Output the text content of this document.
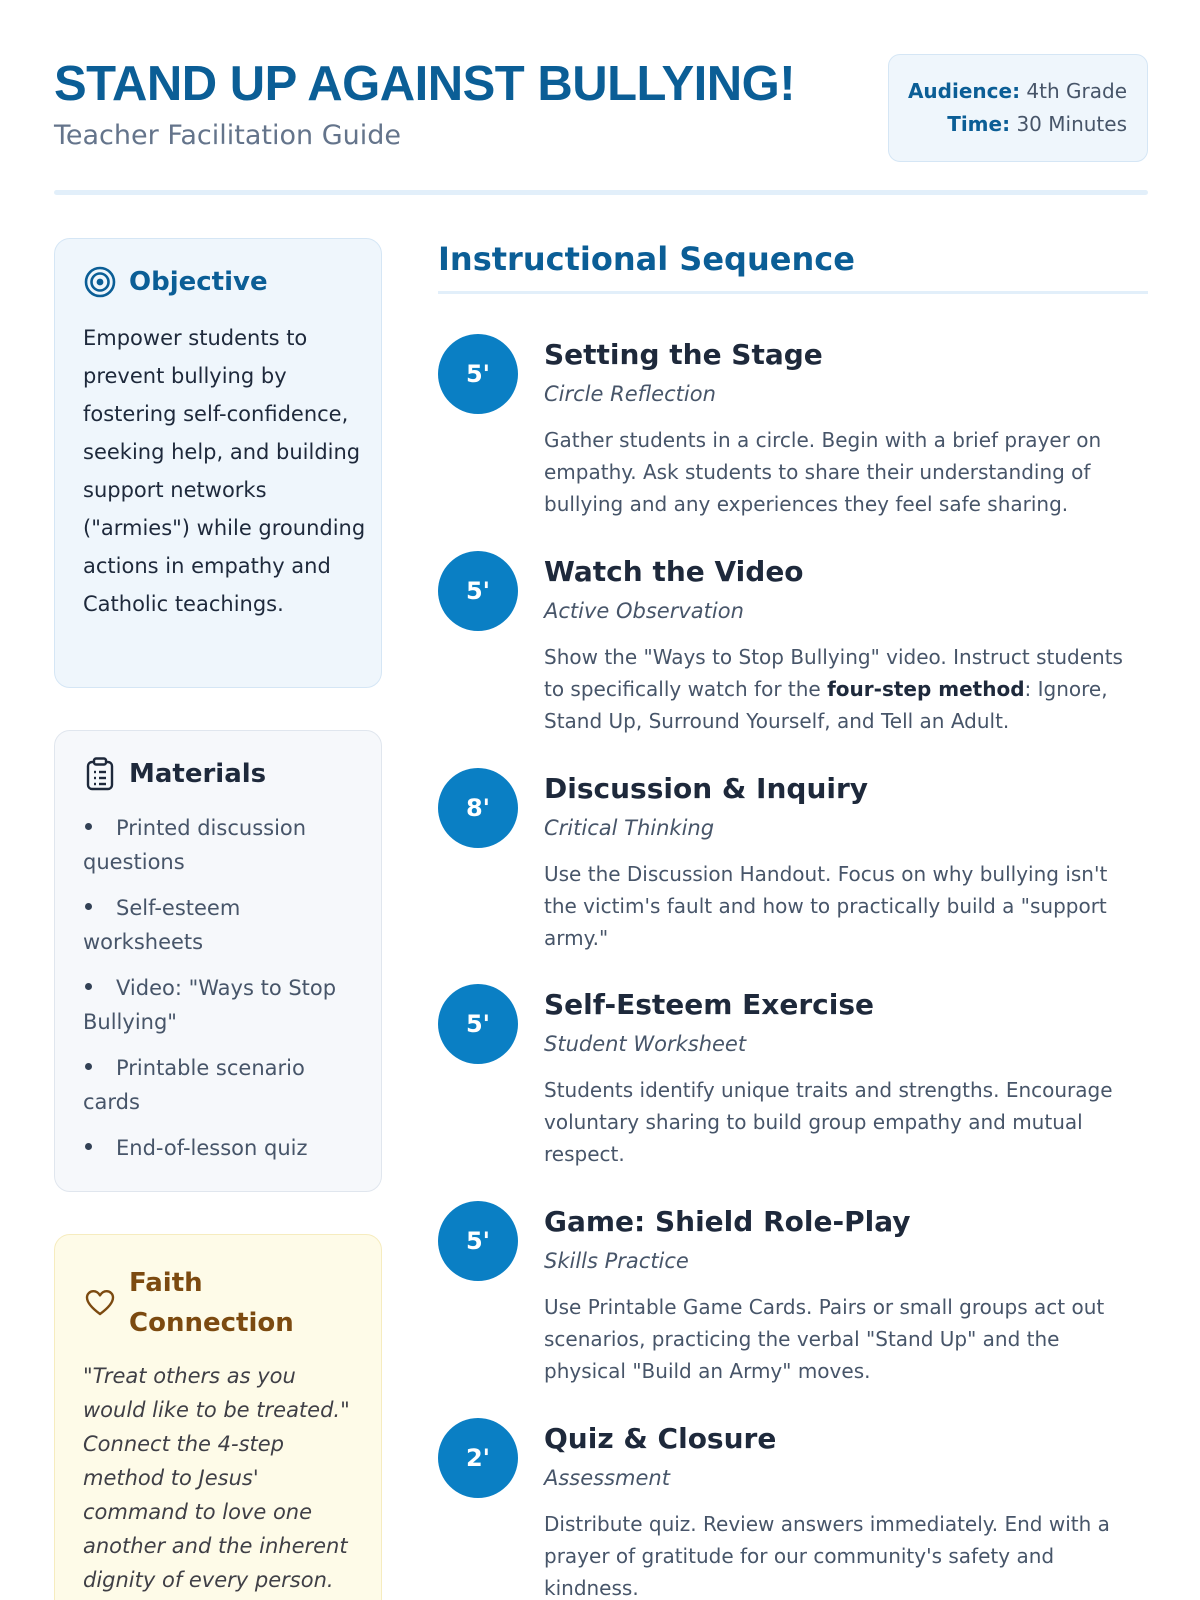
STAND UP AGAINST BULLYING!
Teacher Facilitation Guide
Audience: 4th Grade
Time: 30 Minutes
Objective

Empower students to prevent bullying by fostering self-confidence, seeking help, and building support networks ("armies") while grounding actions in empathy and Catholic teachings.

Materials
Printed discussion questions
Self-esteem worksheets
Video: "Ways to Stop Bullying"
Printable scenario cards
End-of-lesson quiz
Faith Connection

"Treat others as you would like to be treated." Connect the 4-step method to Jesus' command to love one another and the inherent dignity of every person.

Instructional Sequence
5'
Setting the Stage
Circle Reflection

Gather students in a circle. Begin with a brief prayer on empathy. Ask students to share their understanding of bullying and any experiences they feel safe sharing.

5'
Watch the Video
Active Observation

Show the "Ways to Stop Bullying" video. Instruct students to specifically watch for the four-step method: Ignore, Stand Up, Surround Yourself, and Tell an Adult.

8'
Discussion & Inquiry
Critical Thinking

Use the Discussion Handout. Focus on why bullying isn't the victim's fault and how to practically build a "support army."

5'
Self-Esteem Exercise
Student Worksheet

Students identify unique traits and strengths. Encourage voluntary sharing to build group empathy and mutual respect.

5'
Game: Shield Role-Play
Skills Practice

Use Printable Game Cards. Pairs or small groups act out scenarios, practicing the verbal "Stand Up" and the physical "Build an Army" moves.

2'
Quiz & Closure
Assessment

Distribute quiz. Review answers immediately. End with a prayer of gratitude for our community's safety and kindness.
